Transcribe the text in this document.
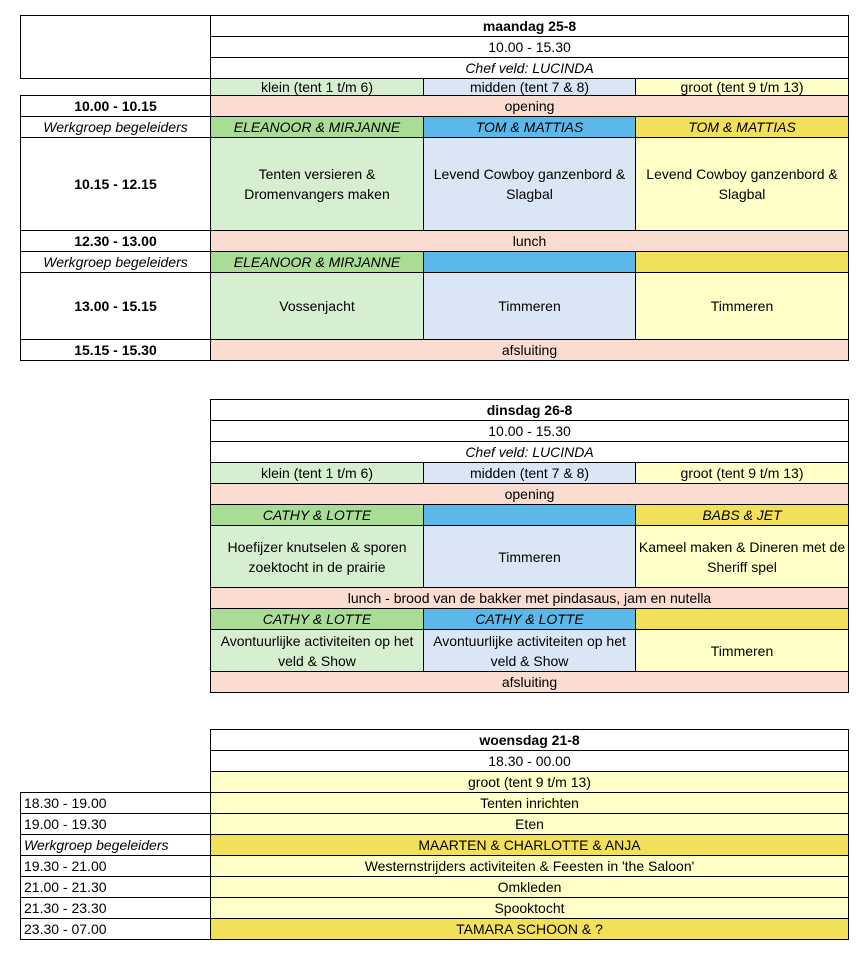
	maandag 25-8		
	10.00 - 15.30		
	Chef veld: LUCINDA		
	klein (tent 1 t/m 6)	midden (tent 7 & 8)	groot (tent 9 t/m 13)
10.00 - 10.15	opening		
Werkgroep begeleiders	ELEANOOR & MIRJANNE	TOM & MATTIAS	TOM & MATTIAS
10.15 - 12.15	Tenten versieren & Dromenvangers maken	Levend Cowboy ganzenbord & Slagbal	Levend Cowboy ganzenbord & Slagbal
12.30 - 13.00	lunch		
Werkgroep begeleiders	ELEANOOR & MIRJANNE		
13.00 - 15.15	Vossenjacht	Timmeren	Timmeren
15.15 - 15.30	afsluiting		
dinsdag 26-8		
10.00 - 15.30		
Chef veld: LUCINDA		
klein (tent 1 t/m 6)	midden (tent 7 & 8)	groot (tent 9 t/m 13)
opening		
CATHY & LOTTE		BABS & JET
Hoefijzer knutselen & sporen zoektocht in de prairie	Timmeren	Kameel maken & Dineren met de Sheriff spel
lunch - brood van de bakker met pindasaus, jam en nutella		
CATHY & LOTTE	CATHY & LOTTE	
Avontuurlijke activiteiten op het veld & Show	Avontuurlijke activiteiten op het veld & Show	Timmeren
afsluiting		
	woensdag 21-8
	18.30 - 00.00
	groot (tent 9 t/m 13)
18.30 - 19.00	Tenten inrichten
19.00 - 19.30	Eten
Werkgroep begeleiders	MAARTEN & CHARLOTTE & ANJA
19.30 - 21.00	Westernstrijders activiteiten & Feesten in 'the Saloon'
21.00 - 21.30	Omkleden
21.30 - 23.30	Spooktocht
23.30 - 07.00	TAMARA SCHOON & ?
